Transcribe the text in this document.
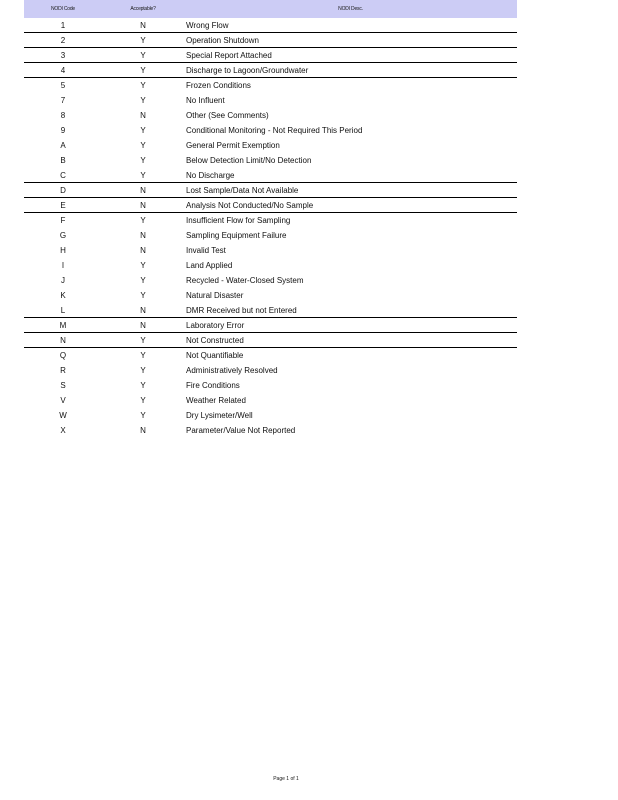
NODI Code	Acceptable?	NODI Desc.
1	N	Wrong Flow
2	Y	Operation Shutdown
3	Y	Special Report Attached
4	Y	Discharge to Lagoon/Groundwater
5	Y	Frozen Conditions
7	Y	No Influent
8	N	Other (See Comments)
9	Y	Conditional Monitoring - Not Required This Period
A	Y	General Permit Exemption
B	Y	Below Detection Limit/No Detection
C	Y	No Discharge
D	N	Lost Sample/Data Not Available
E	N	Analysis Not Conducted/No Sample
F	Y	Insufficient Flow for Sampling
G	N	Sampling Equipment Failure
H	N	Invalid Test
I	Y	Land Applied
J	Y	Recycled - Water-Closed System
K	Y	Natural Disaster
L	N	DMR Received but not Entered
M	N	Laboratory Error
N	Y	Not Constructed
Q	Y	Not Quantifiable
R	Y	Administratively Resolved
S	Y	Fire Conditions
V	Y	Weather Related
W	Y	Dry Lysimeter/Well
X	N	Parameter/Value Not Reported
Page 1 of 1
